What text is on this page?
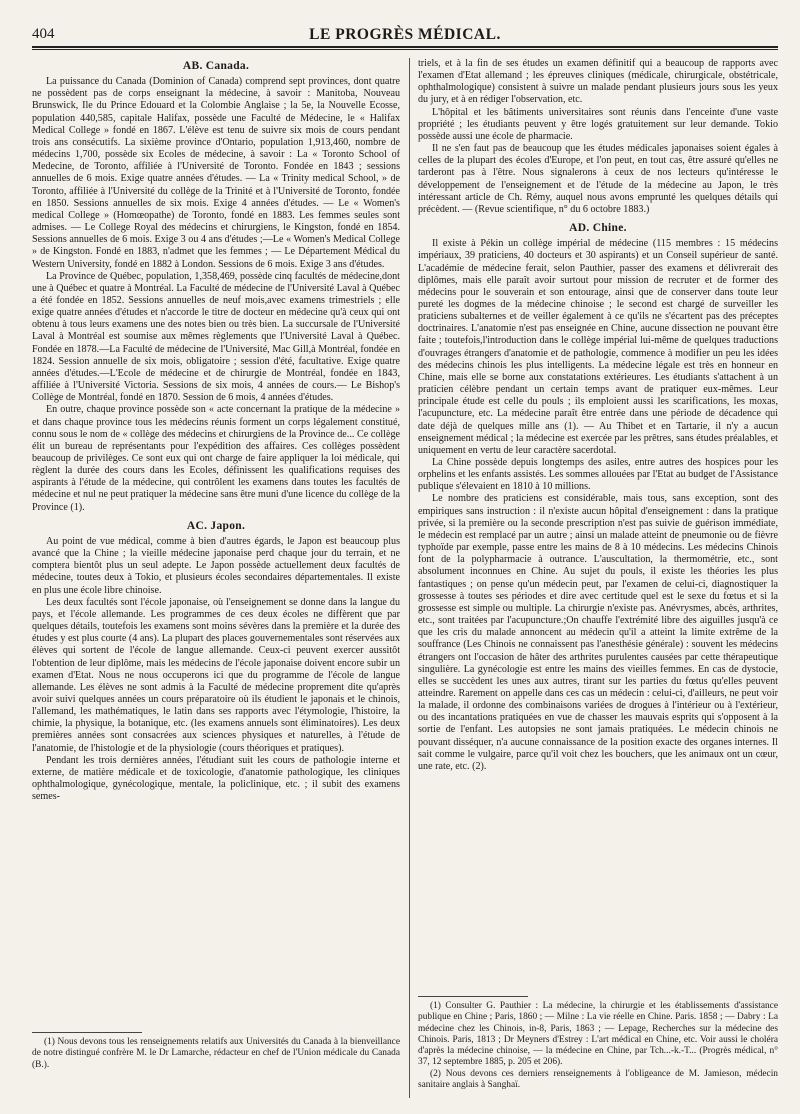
404	LE PROGRÈS MÉDICAL.
AB. Canada.

La puissance du Canada (Dominion of Canada) comprend sept provinces, dont quatre ne possèdent pas de corps enseignant la médecine, à savoir : Manitoba, Nouveau Brunswick, Ile du Prince Edouard et la Colombie Anglaise ; la 5e, la Nouvelle Ecosse, population 440,585, capitale Halifax, possède une Faculté de Médecine, le « Halifax Medical College » fondé en 1867. L'élève est tenu de suivre six mois de cours pendant trois ans consécutifs. La sixième province d'Ontario, population 1,913,460, nombre de médecins 1,700, possède six Ecoles de médecine, à savoir : La « Toronto School of Medecine, de Toronto, affiliée à l'Université de Toronto. Fondée en 1843 ; sessions annuelles de 6 mois. Exige quatre années d'études. — La « Trinity medical School, » de Toronto, affiliée à l'Université du collège de la Trinité et à l'Université de Toronto, fondée en 1850. Sessions annuelles de six mois. Exige 4 années d'études. — Le « Women's medical College » (Homœopathe) de Toronto, fondé en 1883. Les femmes seules sont admises. — Le College Royal des médecins et chirurgiens, le Kingston, fondé en 1854. Sessions annuelles de 6 mois. Exige 3 ou 4 ans d'études ;—Le « Women's Medical College » de Kingston. Fondé en 1883, n'admet que les femmes ; — Le Département Médical du Western University, fondé en 1882 à London. Sessions de 6 mois. Exige 3 ans d'études.

La Province de Québec, population, 1,358,469, possède cinq facultés de médecine,dont une à Québec et quatre à Montréal. La Faculté de médecine de l'Université Laval à Québec a été fondée en 1852. Sessions annuelles de neuf mois,avec examens trimestriels ; elle exige quatre années d'études et n'accorde le titre de docteur en médecine qu'à ceux qui ont obtenu à tous leurs examens une des notes bien ou très bien. La succursale de l'Université Laval à Montréal est soumise aux mêmes règlements que l'Université Laval à Québec. Fondée en 1878.—La Faculté de médecine de l'Université, Mac Gill,à Montréal, fondée en 1824. Session annuelle de six mois, obligatoire ; session d'été, facultative. Exige quatre années d'études.—L'Ecole de médecine et de chirurgie de Montréal, fondée en 1843, affiliée à l'Université Victoria. Sessions de six mois, 4 années de cours.— Le Bishop's Collège de Montréal, fondé en 1870. Session de 6 mois, 4 années d'études.

En outre, chaque province possède son « acte concernant la pratique de la médecine » et dans chaque province tous les médecins réunis forment un corps légalement constitué, connu sous le nom de « collège des médecins et chirurgiens de la Province de... Ce collège élit un bureau de représentants pour l'expédition des affaires. Ces collèges possèdent beaucoup de privilèges. Ce sont eux qui ont charge de faire appliquer la loi médicale, qui règlent la durée des cours dans les Ecoles, définissent les qualifications requises des aspirants à l'étude de la médecine, qui contrôlent les examens dans toutes les facultés de médecine et nul ne peut pratiquer la médecine sans être muni d'une licence du collège de la Province (1).

AC. Japon.

Au point de vue médical, comme à bien d'autres égards, le Japon est beaucoup plus avancé que la Chine ; la vieille médecine japonaise perd chaque jour du terrain, et ne comptera bientôt plus un seul adepte. Le Japon possède actuellement deux facultés de médecine, toutes deux à Tokio, et plusieurs écoles secondaires départementales. Il existe en plus une école libre chinoise.

Les deux facultés sont l'école japonaise, où l'enseignement se donne dans la langue du pays, et l'école allemande. Les programmes de ces deux écoles ne diffèrent que par quelques détails, toutefois les examens sont moins sévères dans la première et la durée des études y est plus courte (4 ans). La plupart des places gouvernementales sont réservées aux élèves qui sortent de l'école de langue allemande. Ceux-ci peuvent exercer aussitôt l'obtention de leur diplôme, mais les médecins de l'école japonaise doivent encore subir un examen d'Etat. Nous ne nous occuperons ici que du programme de l'école de langue allemande. Les élèves ne sont admis à la Faculté de médecine proprement dite qu'après avoir suivi quelques années un cours préparatoire où ils étudient le japonais et le chinois, l'allemand, les mathématiques, le latin dans ses rapports avec l'étymologie, l'histoire, la chimie, la physique, la botanique, etc. (les examens annuels sont éliminatoires). Les deux premières années sont consacrées aux sciences physiques et naturelles, à l'étude de l'anatomie, de l'histologie et de la physiologie (cours théoriques et pratiques).

Pendant les trois dernières années, l'étudiant suit les cours de pathologie interne et externe, de matière médicale et de toxicologie, d'anatomie pathologique, les cliniques ophthalmologique, gynécologique, mentale, la policlinique, etc. ; il subit des examens semes-

(1) Nous devons tous les renseignements relatifs aux Universités du Canada à la bienveillance de notre distingué confrère M. le Dr Lamarche, rédacteur en chef de l'Union médicale du Canada (B.).

triels, et à la fin de ses études un examen définitif qui a beaucoup de rapports avec l'examen d'Etat allemand ; les épreuves cliniques (médicale, chirurgicale, obstétricale, ophthalmologique) consistent à suivre un malade pendant plusieurs jours sous les yeux du jury, et à en rédiger l'observation, etc.

L'hôpital et les bâtiments universitaires sont réunis dans l'enceinte d'une vaste propriété ; les étudiants peuvent y être logés gratuitement sur leur demande. Tokio possède aussi une école de pharmacie.

Il ne s'en faut pas de beaucoup que les études médicales japonaises soient égales à celles de la plupart des écoles d'Europe, et l'on peut, en tout cas, être assuré qu'elles ne tarderont pas à l'être. Nous signalerons à ceux de nos lecteurs qu'intéresse le développement de l'enseignement et de l'étude de la médecine au Japon, le très intéressant article de Ch. Rémy, auquel nous avons emprunté les quelques détails qui précèdent. — (Revue scientifique, n° du 6 octobre 1883.)

AD. Chine.

Il existe à Pékin un collège impérial de médecine (115 membres : 15 médecins impériaux, 39 praticiens, 40 docteurs et 30 aspirants) et un Conseil supérieur de santé. L'académie de médecine ferait, selon Pauthier, passer des examens et délivrerait des diplômes, mais elle paraît avoir surtout pour mission de recruter et de former des médecins pour le souverain et son entourage, ainsi que de conserver dans toute leur pureté les dogmes de la médecine chinoise ; le second est chargé de surveiller les praticiens subalternes et de veiller également à ce qu'ils ne s'écartent pas des préceptes doctrinaires. L'anatomie n'est pas enseignée en Chine, aucune dissection ne pouvant être faite ; toutefois,l'introduction dans le collège impérial lui-même de quelques traductions d'ouvrages étrangers d'anatomie et de pathologie, commence à modifier un peu les idées des médecins chinois les plus intelligents. La médecine légale est très en honneur en Chine, mais elle se borne aux constatations extérieures. Les étudiants s'attachent à un praticien célèbre pendant un certain temps avant de pratiquer eux-mêmes. Leur principale étude est celle du pouls ; ils emploient aussi les scarifications, les moxas, l'acupuncture, etc. La médecine paraît être entrée dans une période de décadence qui date déjà de quelques mille ans (1). — Au Thibet et en Tartarie, il n'y a aucun enseignement médical ; la médecine est exercée par les prêtres, sans études préalables, et uniquement en vertu de leur caractère sacerdotal.

La Chine possède depuis longtemps des asiles, entre autres des hospices pour les orphelins et les enfants assistés. Les sommes allouées par l'Etat au budget de l'Assistance publique s'élevaient en 1810 à 10 millions.

Le nombre des praticiens est considérable, mais tous, sans exception, sont des empiriques sans instruction : il n'existe aucun hôpital d'enseignement : dans la pratique privée, si la première ou la seconde prescription n'est pas suivie de guérison immédiate, le médecin est remplacé par un autre ; ainsi un malade atteint de pneumonie ou de fièvre typhoïde par exemple, passe entre les mains de 8 à 10 médecins. Les médecins Chinois font de la polypharmacie à outrance. L'auscultation, la thermométrie, etc., sont absolument inconnues en Chine. Au sujet du pouls, il existe les théories les plus fantastiques ; on pense qu'un médecin peut, par l'examen de celui-ci, diagnostiquer la grossesse à toutes ses périodes et dire avec certitude quel est le sexe du fœtus et si la grossesse est simple ou multiple. La chirurgie n'existe pas. Anévrysmes, abcès, arthrites, etc., sont traitées par l'acupuncture.;On chauffe l'extrémité libre des aiguilles jusqu'à ce que les cris du malade annoncent au médecin qu'il a atteint la limite extrême de la souffrance (Les Chinois ne connaissent pas l'anesthésie générale) : souvent les médecins étrangers ont l'occasion de hâter des arthrites purulentes causées par cette thérapeutique singulière. La gynécologie est entre les mains des vieilles femmes. En cas de dystocie, elles se succèdent les unes aux autres, tirant sur les parties du fœtus qu'elles peuvent atteindre. Rarement on appelle dans ces cas un médecin : celui-ci, d'ailleurs, ne peut voir la malade, il ordonne des combinaisons variées de drogues à l'intérieur ou à l'extérieur, ou des incantations pratiquées en vue de chasser les mauvais esprits qui s'opposent à la sortie de l'enfant. Les autopsies ne sont jamais pratiquées. Le médecin chinois ne pouvant disséquer, n'a aucune connaissance de la position exacte des organes internes. Il sait comme le vulgaire, parce qu'il voit chez les bouchers, que les animaux ont un cœur, une rate, etc. (2).

(1) Consulter G. Pauthier : La médecine, la chirurgie et les établissements d'assistance publique en Chine ; Paris, 1860 ; — Milne : La vie réelle en Chine. Paris. 1858 ; — Dabry : La médecine chez les Chinois, in-8, Paris, 1863 ; — Lepage, Recherches sur la médecine des Chinois. Paris, 1813 ; Dr Meyners d'Estrey : L'art médical en Chine, etc. Voir aussi le choléra d'après la médecine chinoise, — la médecine en Chine, par Tch...-k.-T... (Progrès médical, n° 37, 12 septembre 1885, p. 205 et 206).

(2) Nous devons ces derniers renseignements à l'obligeance de M. Jamieson, médecin sanitaire anglais à Sanghaï.
